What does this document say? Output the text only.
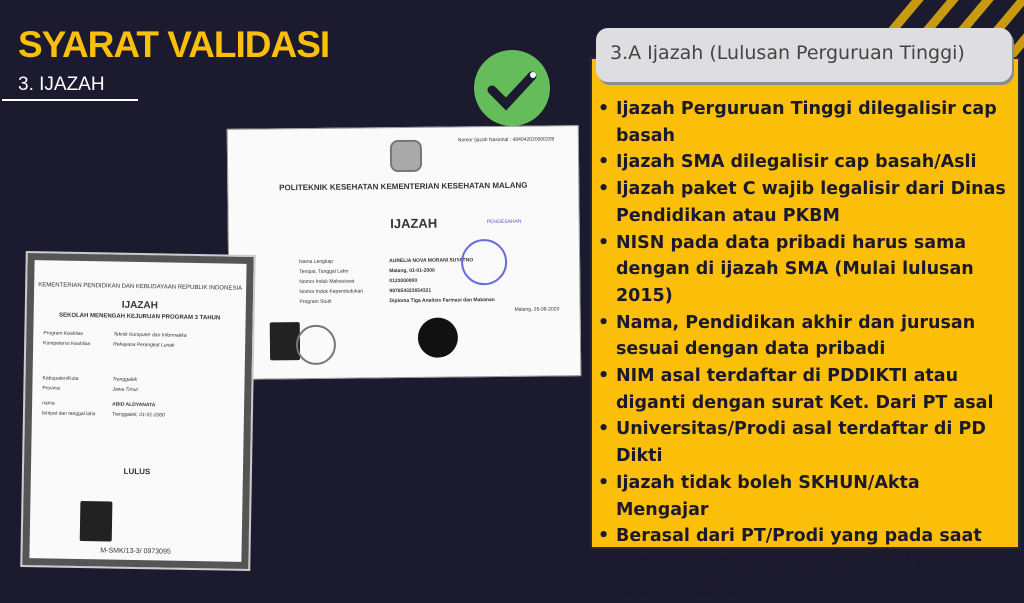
SYARAT VALIDASI
3. IJAZAH
Nomor Ijazah Nasional : 484042020000209
POLITEKNIK KESEHATAN KEMENTERIAN KESEHATAN MALANG
IJAZAH
Nama Lengkap	AURELIA NOVA MORANI SUYATNO
Tempat, Tanggal Lahir	Malang, 01-01-2000
Nomor Induk Mahasiswa	0123000000
Nomor Induk Kependudukan	987654323654321
Program Studi	Diploma Tiga Analisis Farmasi dan Makanan
PENGESAHAN
Malang, 26-08-2020
KEMENTERIAN PENDIDIKAN DAN KEBUDAYAAN REPUBLIK INDONESIA
IJAZAH
SEKOLAH MENENGAH KEJURUAN PROGRAM 3 TAHUN
Program Keahlian	Teknik Komputer dan Informatika
Kompetensi Keahlian	Rekayasa Perangkat Lunak
Kabupaten/Kota	Trenggalek
Provinsi	Jawa Timur
nama	ABID ALDYANATA
tempat dan tanggal lahir	Trenggalek, 01-01-2000
LULUS
M-SMK/13-3/ 0973095
3.A Ijazah (Lulusan Perguruan Tinggi)
• Ijazah Perguruan Tinggi dilegalisir cap basah
• Ijazah SMA dilegalisir cap basah/Asli
• Ijazah paket C wajib legalisir dari Dinas Pendidikan atau PKBM
• NISN pada data pribadi harus sama dengan di ijazah SMA (Mulai lulusan 2015)
• Nama, Pendidikan akhir dan jurusan sesuai dengan data pribadi
• NIM asal terdaftar di PDDIKTI atau diganti dengan surat Ket. Dari PT asal
• Universitas/Prodi asal terdaftar di PD Dikti
• Ijazah tidak boleh SKHUN/Akta Mengajar
• Berasal dari PT/Prodi yang pada saat ijazah diterbitkan terdaftar di PD Dikti (terakreditasi)
